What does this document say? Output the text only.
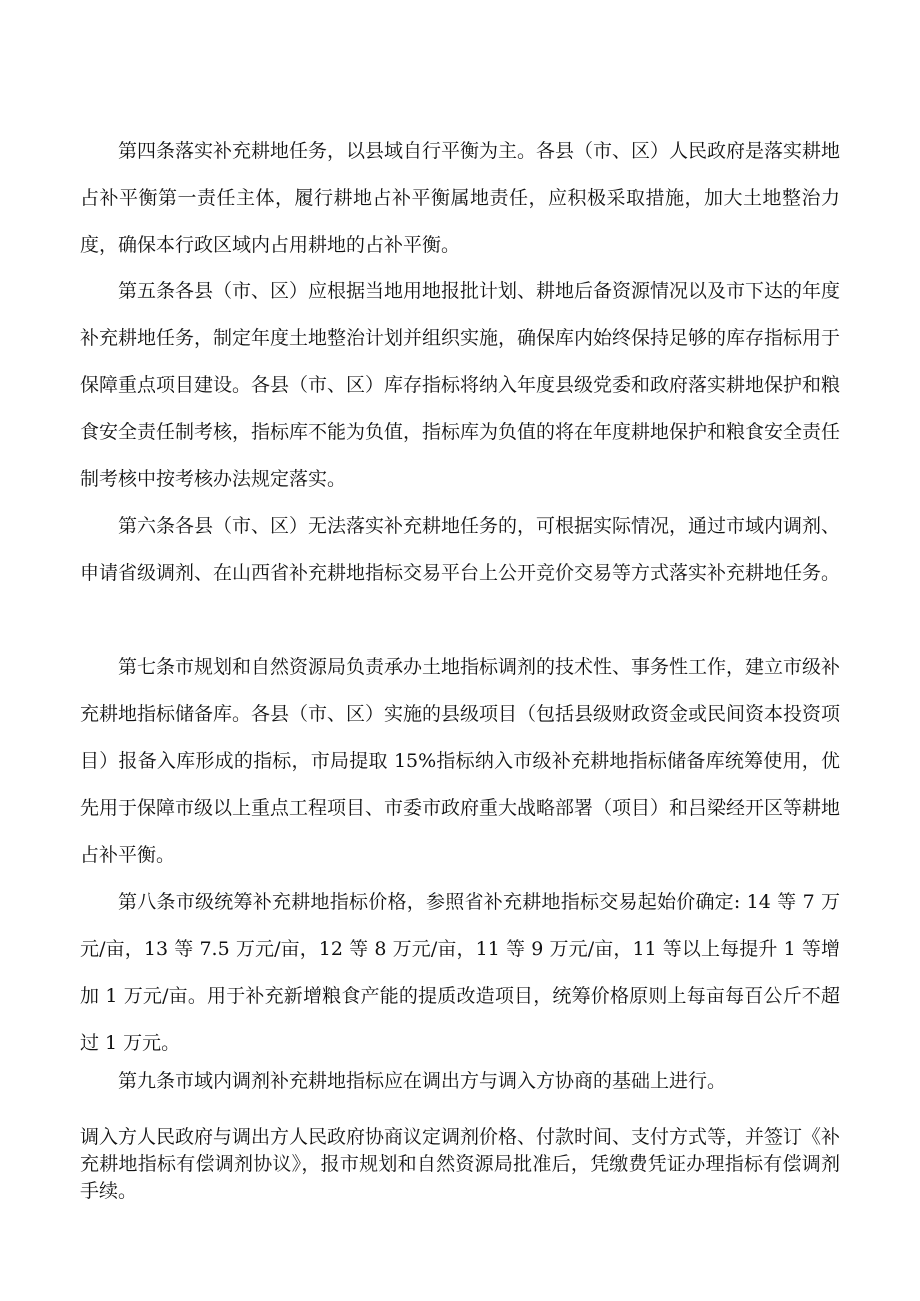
第四条落实补充耕地任务，以县域自行平衡为主。各县（市、区）人民政府是落实耕地占补平衡第一责任主体，履行耕地占补平衡属地责任，应积极采取措施，加大土地整治力度，确保本行政区域内占用耕地的占补平衡。

第五条各县（市、区）应根据当地用地报批计划、耕地后备资源情况以及市下达的年度补充耕地任务，制定年度土地整治计划并组织实施，确保库内始终保持足够的库存指标用于保障重点项目建设。各县（市、区）库存指标将纳入年度县级党委和政府落实耕地保护和粮食安全责任制考核，指标库不能为负值，指标库为负值的将在年度耕地保护和粮食安全责任制考核中按考核办法规定落实。

第六条各县（市、区）无法落实补充耕地任务的，可根据实际情况，通过市域内调剂、申请省级调剂、在山西省补充耕地指标交易平台上公开竞价交易等方式落实补充耕地任务。

第七条市规划和自然资源局负责承办土地指标调剂的技术性、事务性工作，建立市级补充耕地指标储备库。各县（市、区）实施的县级项目（包括县级财政资金或民间资本投资项目）报备入库形成的指标，市局提取 15%指标纳入市级补充耕地指标储备库统筹使用，优先用于保障市级以上重点工程项目、市委市政府重大战略部署（项目）和吕梁经开区等耕地占补平衡。

第八条市级统筹补充耕地指标价格，参照省补充耕地指标交易起始价确定: 14 等 7 万元/亩，13 等 7.5 万元/亩，12 等 8 万元/亩，11 等 9 万元/亩，11 等以上每提升 1 等增加 1 万元/亩。用于补充新增粮食产能的提质改造项目，统筹价格原则上每亩每百公斤不超过 1 万元。

第九条市域内调剂补充耕地指标应在调出方与调入方协商的基础上进行。

调入方人民政府与调出方人民政府协商议定调剂价格、付款时间、支付方式等，并签订《补充耕地指标有偿调剂协议》，报市规划和自然资源局批准后，凭缴费凭证办理指标有偿调剂手续。
